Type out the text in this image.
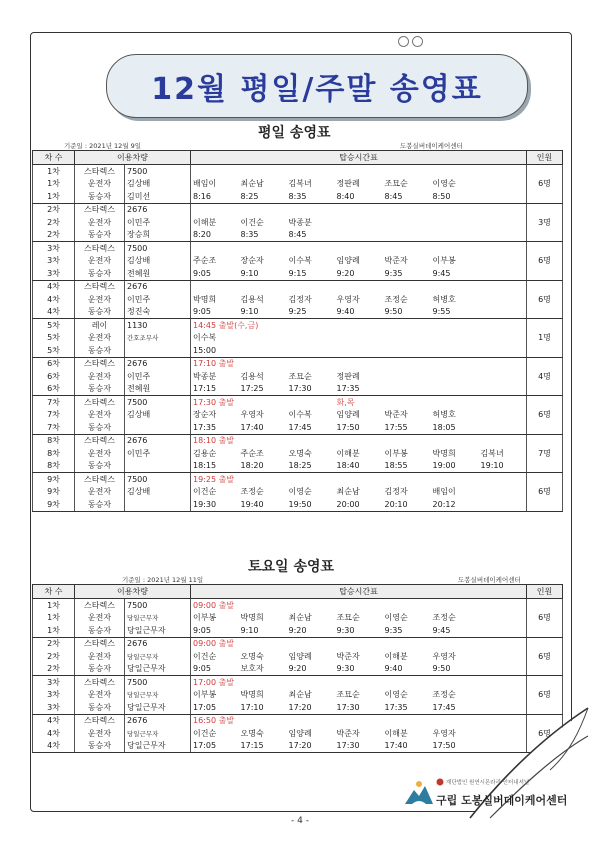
12월 평일/주말 송영표
평일 송영표
기준일 : 2021년 12월 9일	도봉실버데이케어센터
차 수	이용차량		탑승시간표							인원
1차	스타렉스	7500								6명
1차	운전자	김상배	배임이	최순남	김복녀	정판례	조묘순	이영순		
1차	동승자	김미선	8:16	8:25	8:35	8:40	8:45	8:50		
2차	스타렉스	2676								3명
2차	운전자	이민주	이해분	이건순	박종분					
2차	동승자	장승희	8:20	8:35	8:45					
3차	스타렉스	7500								6명
3차	운전자	김상배	주순조	장순자	이수복	임양례	박준자	이부봉		
3차	동승자	전혜원	9:05	9:10	9:15	9:20	9:35	9:45		
4차	스타렉스	2676								6명
4차	운전자	이민주	박명희	김용석	김정자	우영자	조정순	허병호		
4차	동승자	정진숙	9:05	9:10	9:25	9:40	9:50	9:55		
5차	레이	1130	14:45 출발(수,금)							1명
5차	운전자	간호조무사	이수복							
5차	동승자		15:00							
6차	스타렉스	2676	17:10 출발							4명
6차	운전자	이민주	박종분	김용석	조묘순	정판례				
6차	동승자	전혜원	17:15	17:25	17:30	17:35				
7차	스타렉스	7500	17:30 출발			화,목				6명
7차	운전자	김상배	장순자	우영자	이수복	임양례	박준자	허병호		
7차	동승자		17:35	17:40	17:45	17:50	17:55	18:05		
8차	스타렉스	2676	18:10 출발							7명
8차	운전자	이민주	김용순	주순조	오명숙	이해분	이부봉	박명희	김복녀	
8차	동승자		18:15	18:20	18:25	18:40	18:55	19:00	19:10	
9차	스타렉스	7500	19:25 출발							6명
9차	운전자	김상배	이건순	조정순	이영순	최순남	김정자	배임이		
9차	동승자		19:30	19:40	19:50	20:00	20:10	20:12		
토요일 송영표
기준일 : 2021년 12월 11일	도봉실버데이케어센터
차 수	이용차량		탑승시간표							인원
1차	스타렉스	7500	09:00 출발							6명
1차	운전자	당일근무자	이부봉	박명희	최순남	조묘순	이영순	조정순		
1차	동승자	당일근무자	9:05	9:10	9:20	9:30	9:35	9:45		
2차	스타렉스	2676	09:00 출발							6명
2차	운전자	당일근무자	이건순	오명숙	임양례	박준자	이해분	우영자		
2차	동승자	당일근무자	9:05	보호자	9:20	9:30	9:40	9:50		
3차	스타렉스	7500	17:00 출발							6명
3차	운전자	당일근무자	이부봉	박명희	최순남	조묘순	이영순	조정순		
3차	동승자	당일근무자	17:05	17:10	17:20	17:30	17:35	17:45		
4차	스타렉스	2676	16:50 출발							6명
4차	운전자	당일근무자	이건순	오명숙	임양례	박준자	이해분	우영자		
4차	동승자	당일근무자	17:05	17:15	17:20	17:30	17:40	17:50		
재단법인 원연시몬라리 인터내셔널
구립 도봉실버데이케어센터
- 4 -
